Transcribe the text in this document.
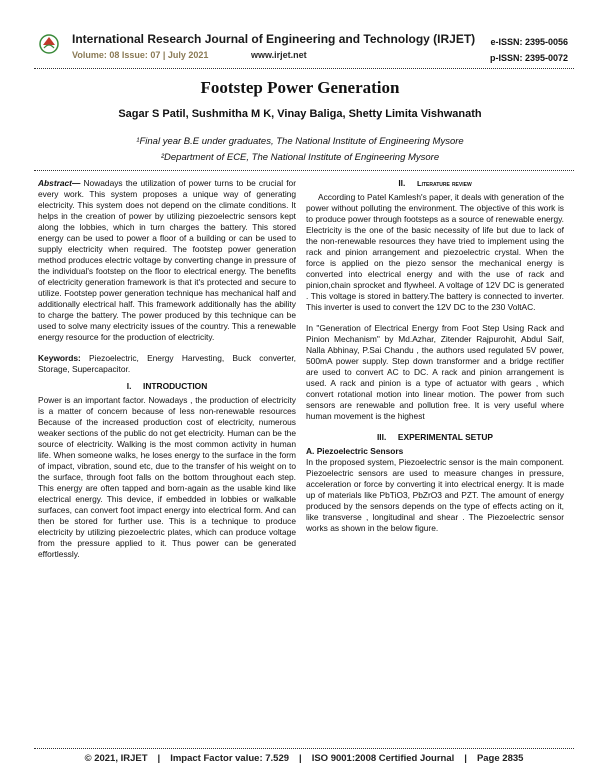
International Research Journal of Engineering and Technology (IRJET)
Volume: 08 Issue: 07 | July 2021	www.irjet.net
e-ISSN: 2395-0056
p-ISSN: 2395-0072
Footstep Power Generation
Sagar S Patil, Sushmitha M K, Vinay Baliga, Shetty Limita Vishwanath
¹Final year B.E under graduates, The National Institute of Engineering Mysore
²Department of ECE, The National Institute of Engineering Mysore

Abstract— Nowadays the utilization of power turns to be crucial for every work. This system proposes a unique way of generating electricity. This system does not depend on the climate conditions. It helps in the creation of power by utilizing piezoelectric sensors kept along the lobbies, which in turn charges the battery. This stored energy can be used to power a floor of a building or can be used to supply electricity when required. The footstep power generation method produces electric voltage by converting change in pressure of the individual's footstep on the floor to electrical energy. The benefits of electricity generation framework is that it's protected and secure to utilize. Footstep power generation technique has mechanical half and additionally electrical half. This framework additionally has the ability to charge the battery. The power produced by this technique can be used to solve many electricity issues of the country. This a renewable energy resource for the production of electricity.

Keywords: Piezoelectric, Energy Harvesting, Buck converter, Storage, Supercapacitor.

I. INTRODUCTION

Power is an important factor. Nowadays , the production of electricity is a matter of concern because of less non-renewable resources Because of the increased production cost of electricity, numerous weaker sections of the public do not get electricity. Human can be the source of electricity. Walking is the most common activity in human life. When someone walks, he loses energy to the surface in the form of impact, vibration, sound etc, due to the transfer of his weight on to the surface, through foot falls on the bottom throughout each step. This energy are often tapped and born-again as the usable kind like electrical energy. This device, if embedded in lobbies or walkable surfaces, can convert foot impact energy into electrical form. And can then be stored for further use. This is a technique to produce electricity by utilizing piezoelectric plates, which can produce voltage from the pressure applied to it. Thus power can be generated effortlessly.

II. Literature review

According to Patel Kamlesh's paper, it deals with generation of the power without polluting the environment. The objective of this work is to produce power through footsteps as a source of renewable energy. Electricity is the one of the basic necessity of life but due to lack of the non-renewable resources they have tried to implement using the rack and pinion arrangement and piezoelectric crystal. When the force is applied on the piezo sensor the mechanical energy is converted into electrical energy and with the use of rack and pinion,chain sprocket and flywheel. A voltage of 12V DC is generated . This voltage is stored in battery.The battery is connected to inverter. This inverter is used to convert the 12V DC to the 230 VoltAC.

In "Generation of Electrical Energy from Foot Step Using Rack and Pinion Mechanism" by Md.Azhar, Zitender Rajpurohit, Abdul Saif, Nalla Abhinay, P.Sai Chandu , the authors used regulated 5V power, 500mA power supply. Step down transformer and a bridge rectifier are used to convert AC to DC. A rack and pinion arrangement is used. A rack and pinion is a type of actuator with gears , which convert rotational motion into linear motion. The power from such sensors are renewable and pollution free. It is very useful where human movement is the highest

III. EXPERIMENTAL SETUP

A. Piezoelectric Sensors

In the proposed system, Piezoelectric sensor is the main component. Piezoelectric sensors are used to measure changes in pressure, acceleration or force by converting it into electrical energy. It is made up of materials like PbTiO3, PbZrO3 and PZT. The amount of energy produced by the sensors depends on the type of effects acting on it, like transverse , longitudinal and shear . The Piezoelectric sensor works as shown in the below figure.

© 2021, IRJET	|	Impact Factor value: 7.529	|	ISO 9001:2008 Certified Journal	|	Page 2835
